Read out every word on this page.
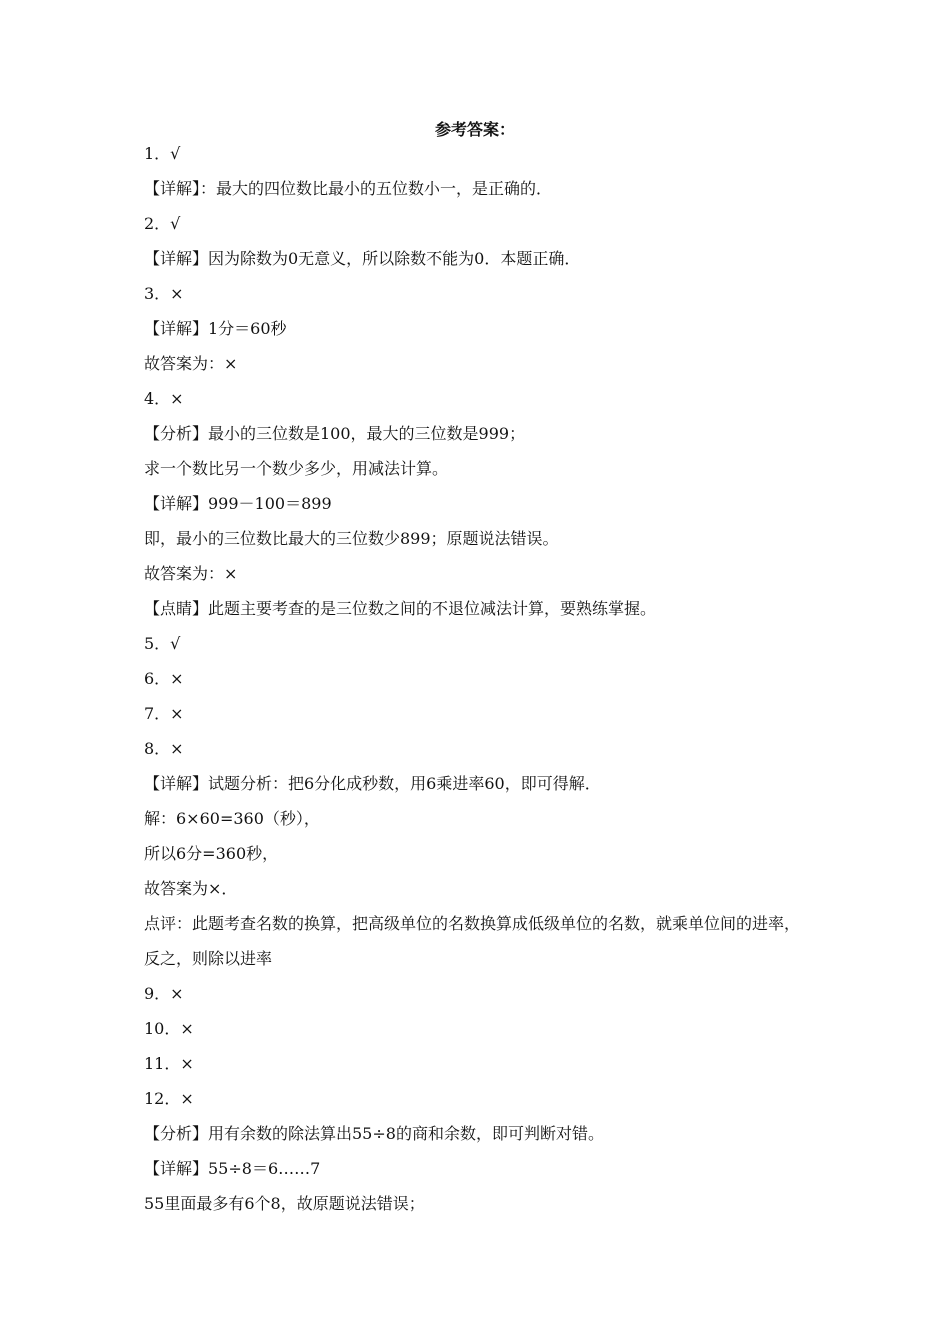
参考答案：
1．√
【详解】：最大的四位数比最小的五位数小一，是正确的．
2．√
【详解】因为除数为0无意义，所以除数不能为0．本题正确．
3．×
【详解】1分＝60秒
故答案为：×
4．×
【分析】最小的三位数是100，最大的三位数是999；
求一个数比另一个数少多少，用减法计算。
【详解】999－100＝899
即，最小的三位数比最大的三位数少899；原题说法错误。
故答案为：×
【点睛】此题主要考查的是三位数之间的不退位减法计算，要熟练掌握。
5．√
6．×
7．×
8．×
【详解】试题分析：把6分化成秒数，用6乘进率60，即可得解．
解：6×60=360（秒），
所以6分=360秒，
故答案为×．
点评：此题考查名数的换算，把高级单位的名数换算成低级单位的名数，就乘单位间的进率，反之，则除以进率
9．×
10．×
11．×
12．×
【分析】用有余数的除法算出55÷8的商和余数，即可判断对错。
【详解】55÷8＝6……7
55里面最多有6个8，故原题说法错误；
